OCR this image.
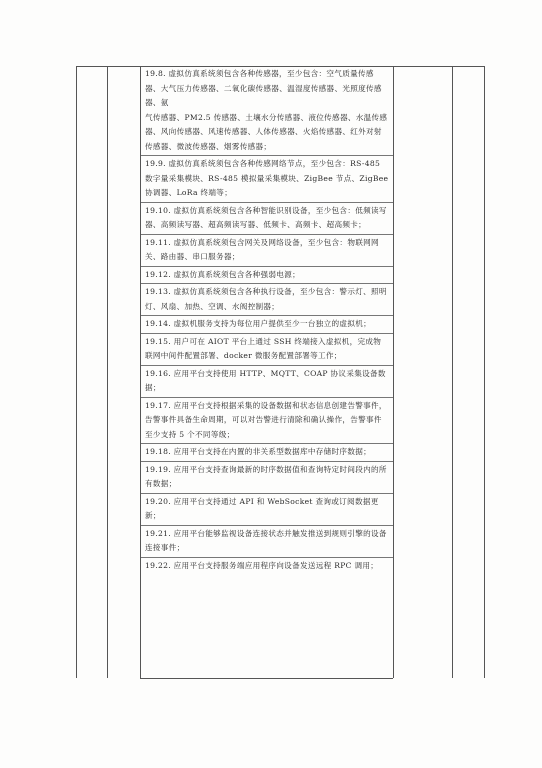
19.8. 虚拟仿真系统须包含各种传感器，至少包含：空气质量传感器、大气压力传感器、二氧化碳传感器、温湿度传感器、光照度传感器、氨
气传感器、PM2.5 传感器、土壤水分传感器、液位传感器、水温传感器、风向传感器、风速传感器、人体传感器、火焰传感器、红外对射传感器、微波传感器、烟雾传感器；
19.9. 虚拟仿真系统须包含各种传感网络节点，至少包含：RS-485 数字量采集模块、RS-485 模拟量采集模块、ZigBee 节点、ZigBee 协调器、LoRa 终端等；
19.10. 虚拟仿真系统须包含各种智能识别设备，至少包含：低频读写器、高频读写器、超高频读写器、低频卡、高频卡、超高频卡；
19.11. 虚拟仿真系统须包含网关及网络设备，至少包含：物联网网关、路由器、串口服务器；
19.12. 虚拟仿真系统须包含各种强弱电源；
19.13. 虚拟仿真系统须包含各种执行设备，至少包含：警示灯、照明灯、风扇、加热、空调、水阀控制器；
19.14. 虚拟机服务支持为每位用户提供至少一台独立的虚拟机；
19.15. 用户可在 AIOT 平台上通过 SSH 终端接入虚拟机，完成物联网中间件配置部署、docker 微服务配置部署等工作；
19.16. 应用平台支持使用 HTTP、MQTT、COAP 协议采集设备数据；
19.17. 应用平台支持根据采集的设备数据和状态信息创建告警事件，告警事件具备生命周期，可以对告警进行清除和确认操作，告警事件至少支持 5 个不同等级；
19.18. 应用平台支持在内置的非关系型数据库中存储时序数据；
19.19. 应用平台支持查询最新的时序数据值和查询特定时间段内的所有数据；
19.20. 应用平台支持通过 API 和 WebSocket 查询或订阅数据更新；
19.21. 应用平台能够监视设备连接状态并触发推送到规则引擎的设备连接事件；
19.22. 应用平台支持服务端应用程序向设备发送远程 RPC 调用；
